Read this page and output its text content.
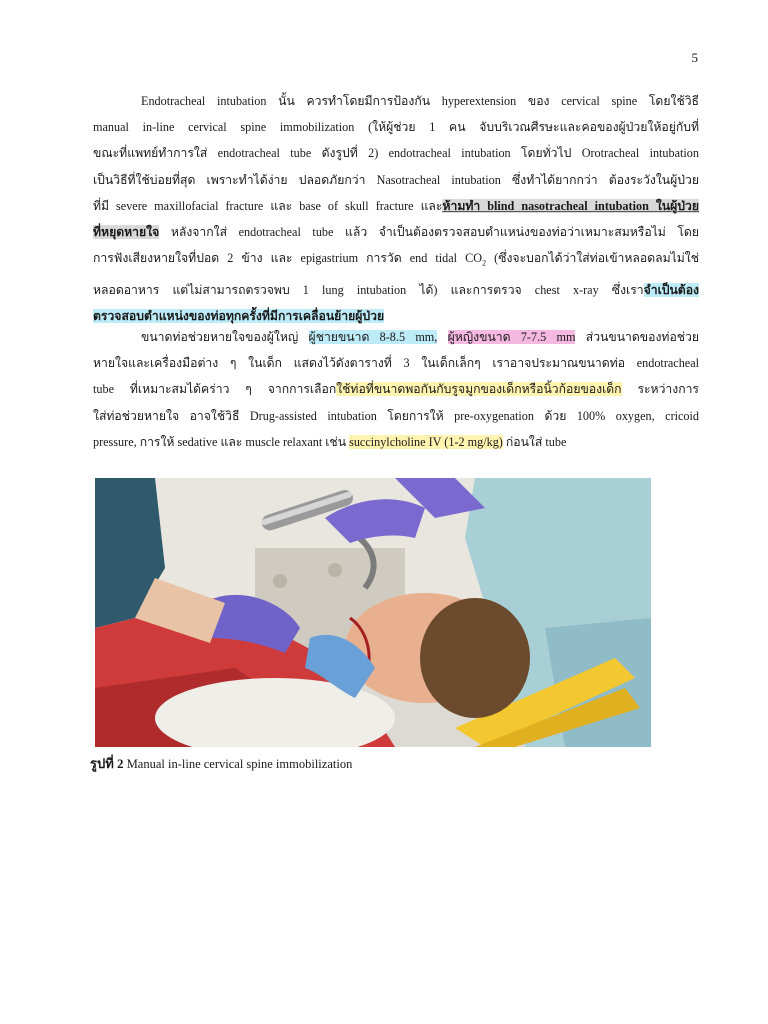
5
Endotracheal intubation นั้น ควรทำโดยมีการป้องกัน hyperextension ของ cervical spine โดยใช้วิธี
manual in-line cervical spine immobilization (ให้ผู้ช่วย 1 คน จับบริเวณศีรษะและคอของผู้ป่วยให้อยู่กับที่
ขณะที่แพทย์ทำการใส่ endotracheal tube ดังรูปที่ 2) endotracheal intubation โดยทั่วไป Orotracheal intubation
เป็นวิธีที่ใช้บ่อยที่สุด เพราะทำได้ง่าย ปลอดภัยกว่า Nasotracheal intubation ซึ่งทำได้ยากกว่า ต้องระวังในผู้ป่วย
ที่มี severe maxillofacial fracture และ base of skull fracture และห้ามทำ blind nasotracheal intubation ในผู้ป่วย
ที่หยุดหายใจ หลังจากใส่ endotracheal tube แล้ว จำเป็นต้องตรวจสอบตำแหน่งของท่อว่าเหมาะสมหรือไม่ โดย
การฟังเสียงหายใจที่ปอด 2 ข้าง และ epigastrium การวัด end tidal $CO_2$ (ซึ่งจะบอกได้ว่าใส่ท่อเข้าหลอดลมไม่ใช่
หลอดอาหาร แต่ไม่สามารถตรวจพบ 1 lung intubation ได้) และการตรวจ chest x-ray ซึ่งเราจำเป็นต้อง
ตรวจสอบตำแหน่งของท่อทุกครั้งที่มีการเคลื่อนย้ายผู้ป่วย
ขนาดท่อช่วยหายใจของผู้ใหญ่ ผู้ชายขนาด 8-8.5 mm, ผู้หญิงขนาด 7-7.5 mm ส่วนขนาดของท่อช่วย
หายใจและเครื่องมือต่าง ๆ ในเด็ก แสดงไว้ดังตารางที่ 3 ในเด็กเล็กๆ เราอาจประมาณขนาดท่อ endotracheal
tube ที่เหมาะสมได้คร่าว ๆ จากการเลือกใช้ท่อที่ขนาดพอกันกับรูจมูกของเด็กหรือนิ้วก้อยของเด็ก ระหว่างการ
ใส่ท่อช่วยหายใจ อาจใช้วิธี Drug-assisted intubation โดยการให้ pre-oxygenation ด้วย 100% oxygen, cricoid
pressure, การให้ sedative และ muscle relaxant เช่น succinylcholine IV (1-2 mg/kg) ก่อนใส่ tube
รูปที่ 2 Manual in-line cervical spine immobilization
